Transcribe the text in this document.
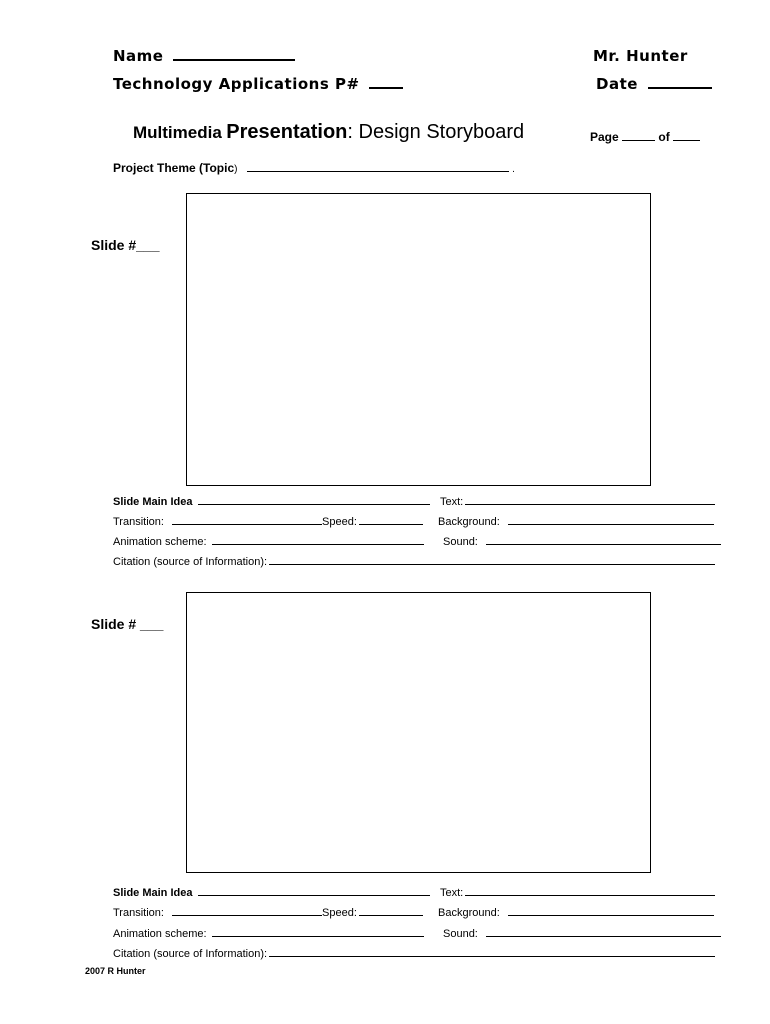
Name	Mr. Hunter
Technology Applications P#	Date
Multimedia Presentation: Design Storyboard	Page	of
Project Theme (Topic)	.
Slide #___
Slide Main Idea	Text:
Transition:	Speed:	Background:
Animation scheme:	Sound:
Citation (source of Information):
Slide # ___
Slide Main Idea	Text:
Transition:	Speed:	Background:
Animation scheme:	Sound:
Citation (source of Information):
2007 R Hunter
